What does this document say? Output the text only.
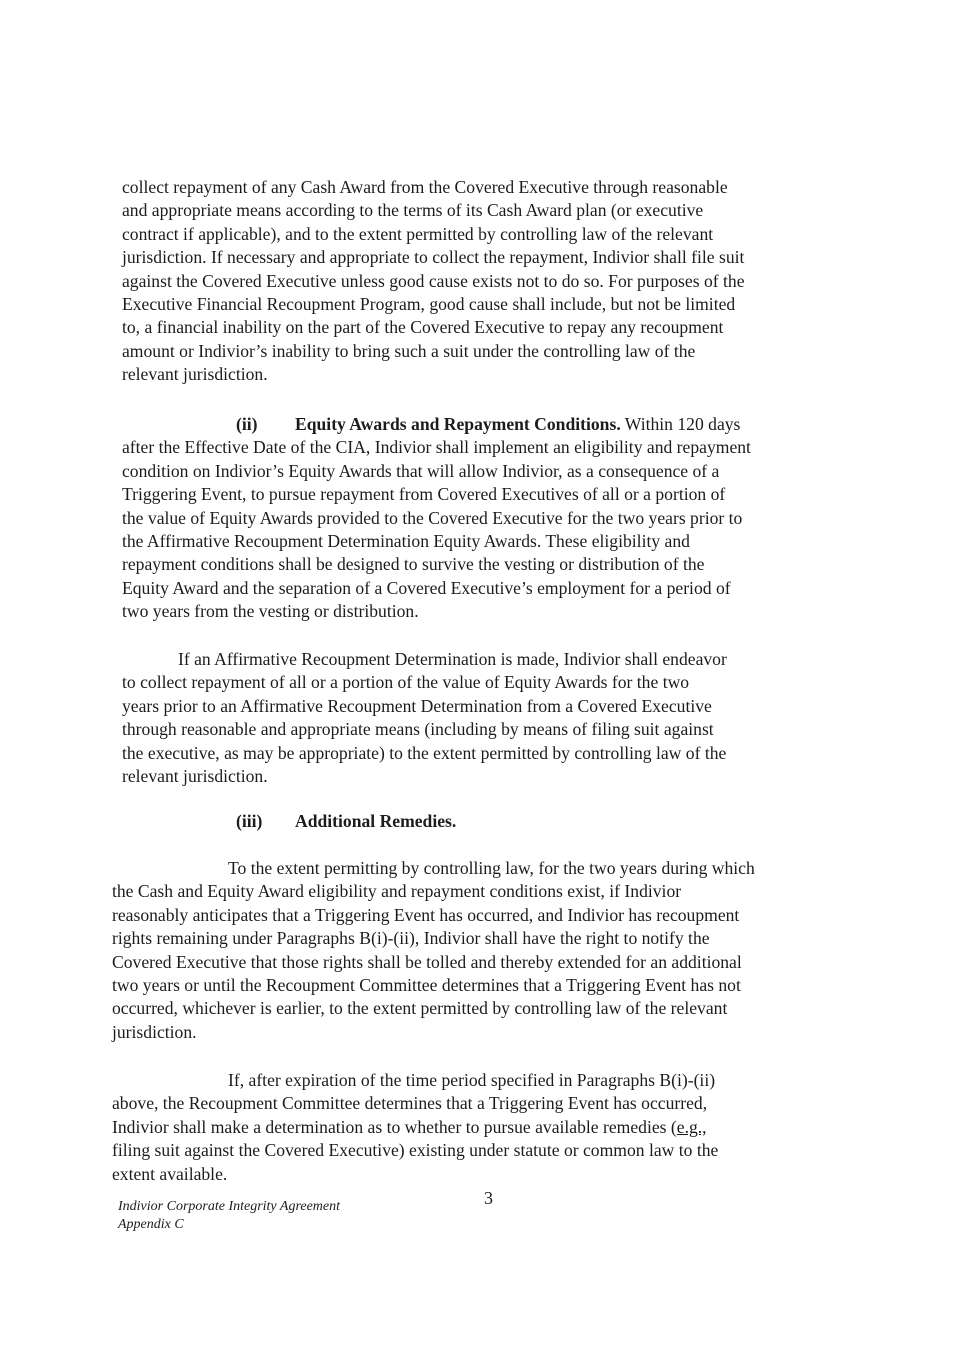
collect repayment of any Cash Award from the Covered Executive through reasonable
and appropriate means according to the terms of its Cash Award plan (or executive
contract if applicable), and to the extent permitted by controlling law of the relevant
jurisdiction. If necessary and appropriate to collect the repayment, Indivior shall file suit
against the Covered Executive unless good cause exists not to do so. For purposes of the
Executive Financial Recoupment Program, good cause shall include, but not be limited
to, a financial inability on the part of the Covered Executive to repay any recoupment
amount or Indivior’s inability to bring such a suit under the controlling law of the
relevant jurisdiction.
(ii) Equity Awards and Repayment Conditions. Within 120 days
after the Effective Date of the CIA, Indivior shall implement an eligibility and repayment
condition on Indivior’s Equity Awards that will allow Indivior, as a consequence of a
Triggering Event, to pursue repayment from Covered Executives of all or a portion of
the value of Equity Awards provided to the Covered Executive for the two years prior to
the Affirmative Recoupment Determination Equity Awards. These eligibility and
repayment conditions shall be designed to survive the vesting or distribution of the
Equity Award and the separation of a Covered Executive’s employment for a period of
two years from the vesting or distribution.
If an Affirmative Recoupment Determination is made, Indivior shall endeavor
to collect repayment of all or a portion of the value of Equity Awards for the two
years prior to an Affirmative Recoupment Determination from a Covered Executive
through reasonable and appropriate means (including by means of filing suit against
the executive, as may be appropriate) to the extent permitted by controlling law of the
relevant jurisdiction.
(iii) Additional Remedies.
To the extent permitting by controlling law, for the two years during which
the Cash and Equity Award eligibility and repayment conditions exist, if Indivior
reasonably anticipates that a Triggering Event has occurred, and Indivior has recoupment
rights remaining under Paragraphs B(i)-(ii), Indivior shall have the right to notify the
Covered Executive that those rights shall be tolled and thereby extended for an additional
two years or until the Recoupment Committee determines that a Triggering Event has not
occurred, whichever is earlier, to the extent permitted by controlling law of the relevant
jurisdiction.
If, after expiration of the time period specified in Paragraphs B(i)-(ii)
above, the Recoupment Committee determines that a Triggering Event has occurred,
Indivior shall make a determination as to whether to pursue available remedies (e.g.,
filing suit against the Covered Executive) existing under statute or common law to the
extent available.
Indivior Corporate Integrity Agreement
Appendix C
3
